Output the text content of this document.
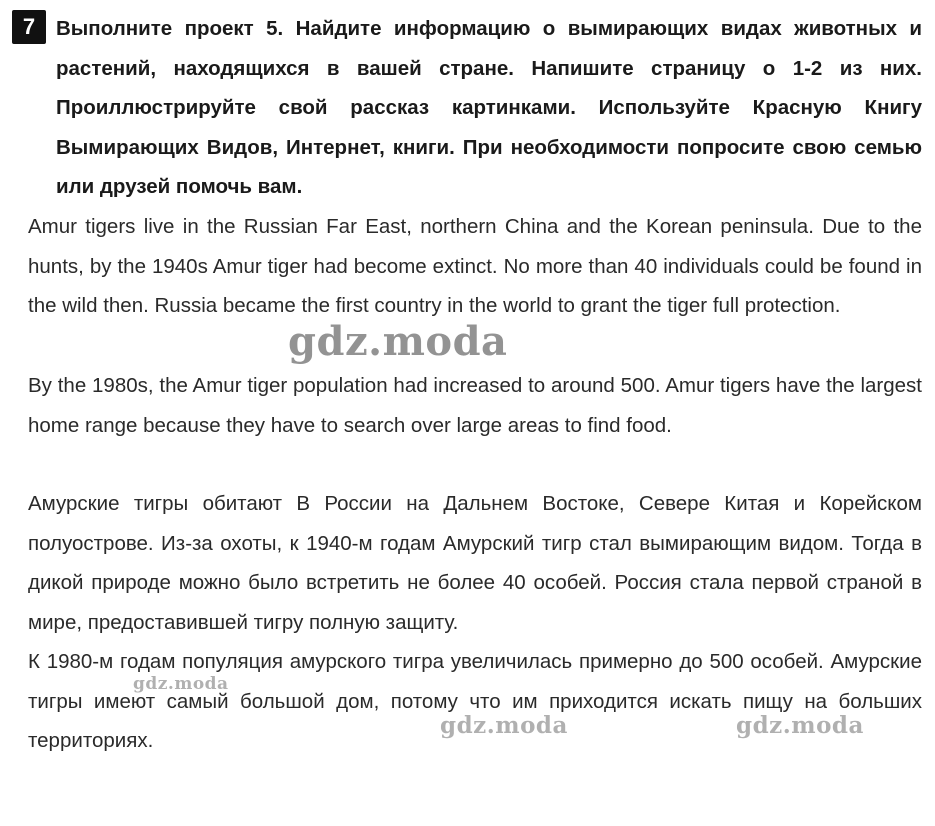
7	Выполните проект 5. Найдите информацию о вымирающих видах животных и растений, находящихся в вашей стране. Напишите страницу о 1-2 из них. Проиллюстрируйте свой рассказ картинками. Используйте Красную Книгу Вымирающих Видов, Интернет, книги. При необходимости попросите свою семью или друзей помочь вам.

Amur tigers live in the Russian Far East, northern China and the Korean peninsula. Due to the hunts, by the 1940s Amur tiger had become extinct. No more than 40 individuals could be found in the wild then. Russia became the first country in the world to grant the tiger full protection.

By the 1980s, the Amur tiger population had increased to around 500. Amur tigers have the largest home range because they have to search over large areas to find food.

Амурские тигры обитают В России на Дальнем Востоке, Севере Китая и Корейском полуострове. Из-за охоты, к 1940-м годам Амурский тигр стал вымирающим видом. Тогда в дикой природе можно было встретить не более 40 особей. Россия стала первой страной в мире, предоставившей тигру полную защиту.

К 1980-м годам популяция амурского тигра увеличилась примерно до 500 особей. Амурские тигры имеют самый большой дом, потому что им приходится искать пищу на больших территориях.

gdz.moda
gdz.moda
gdz.moda	gdz.moda
